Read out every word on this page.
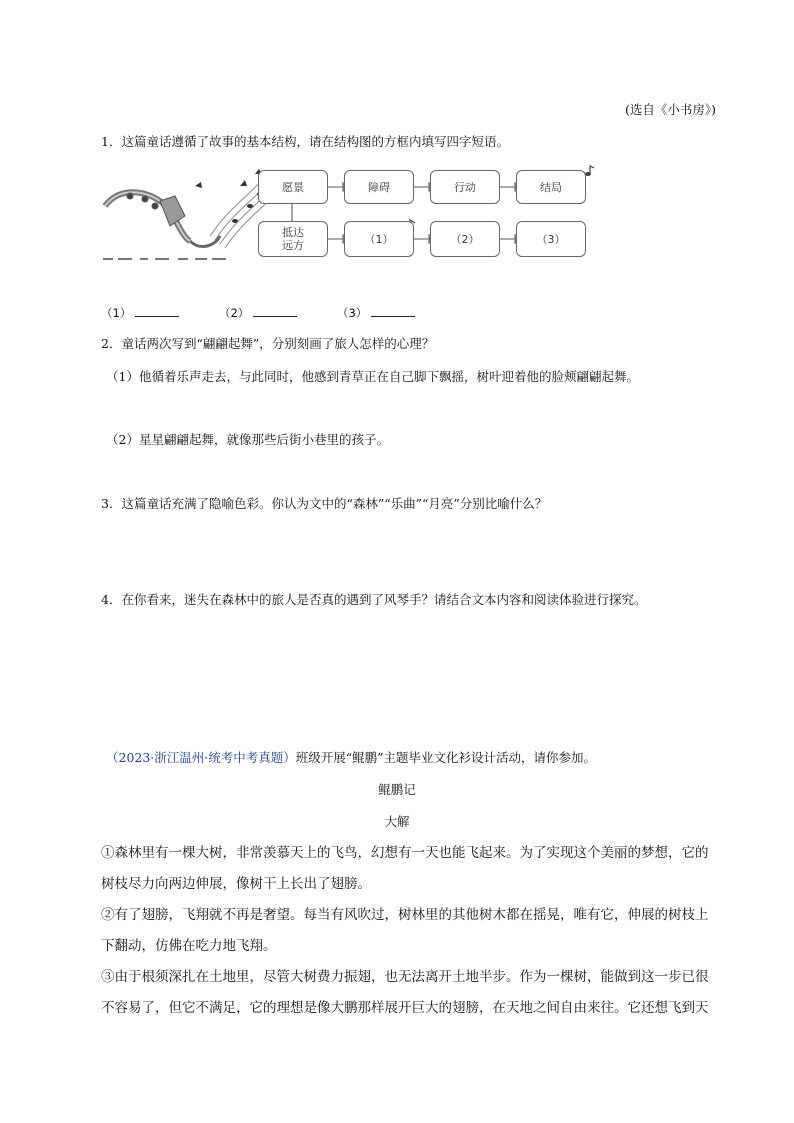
(选自《小书房》)
1．这篇童话遵循了故事的基本结构，请在结构图的方框内填写四字短语。
愿景	障碍	行动	结局
抵达
远方	（1）	（2）	（3）
（1）	（2）	（3）
2．童话两次写到“翩翩起舞”，分别刻画了旅人怎样的心理？
（1）他循着乐声走去，与此同时，他感到青草正在自己脚下飘摇，树叶迎着他的脸颊翩翩起舞。
（2）星星翩翩起舞，就像那些后街小巷里的孩子。
3．这篇童话充满了隐喻色彩。你认为文中的“森林”“乐曲”“月亮”分别比喻什么？
4．在你看来，迷失在森林中的旅人是否真的遇到了风琴手？请结合文本内容和阅读体验进行探究。
（2023·浙江温州·统考中考真题）班级开展“鲲鹏”主题毕业文化衫设计活动，请你参加。
鲲鹏记
大解
①森林里有一棵大树，非常羡慕天上的飞鸟，幻想有一天也能飞起来。为了实现这个美丽的梦想，它的树枝尽力向两边伸展，像树干上长出了翅膀。
②有了翅膀，飞翔就不再是奢望。每当有风吹过，树林里的其他树木都在摇晃，唯有它，伸展的树枝上下翻动，仿佛在吃力地飞翔。
③由于根须深扎在土地里，尽管大树费力振翅，也无法离开土地半步。作为一棵树，能做到这一步已很不容易了，但它不满足，它的理想是像大鹏那样展开巨大的翅膀，在天地之间自由来往。它还想飞到天
